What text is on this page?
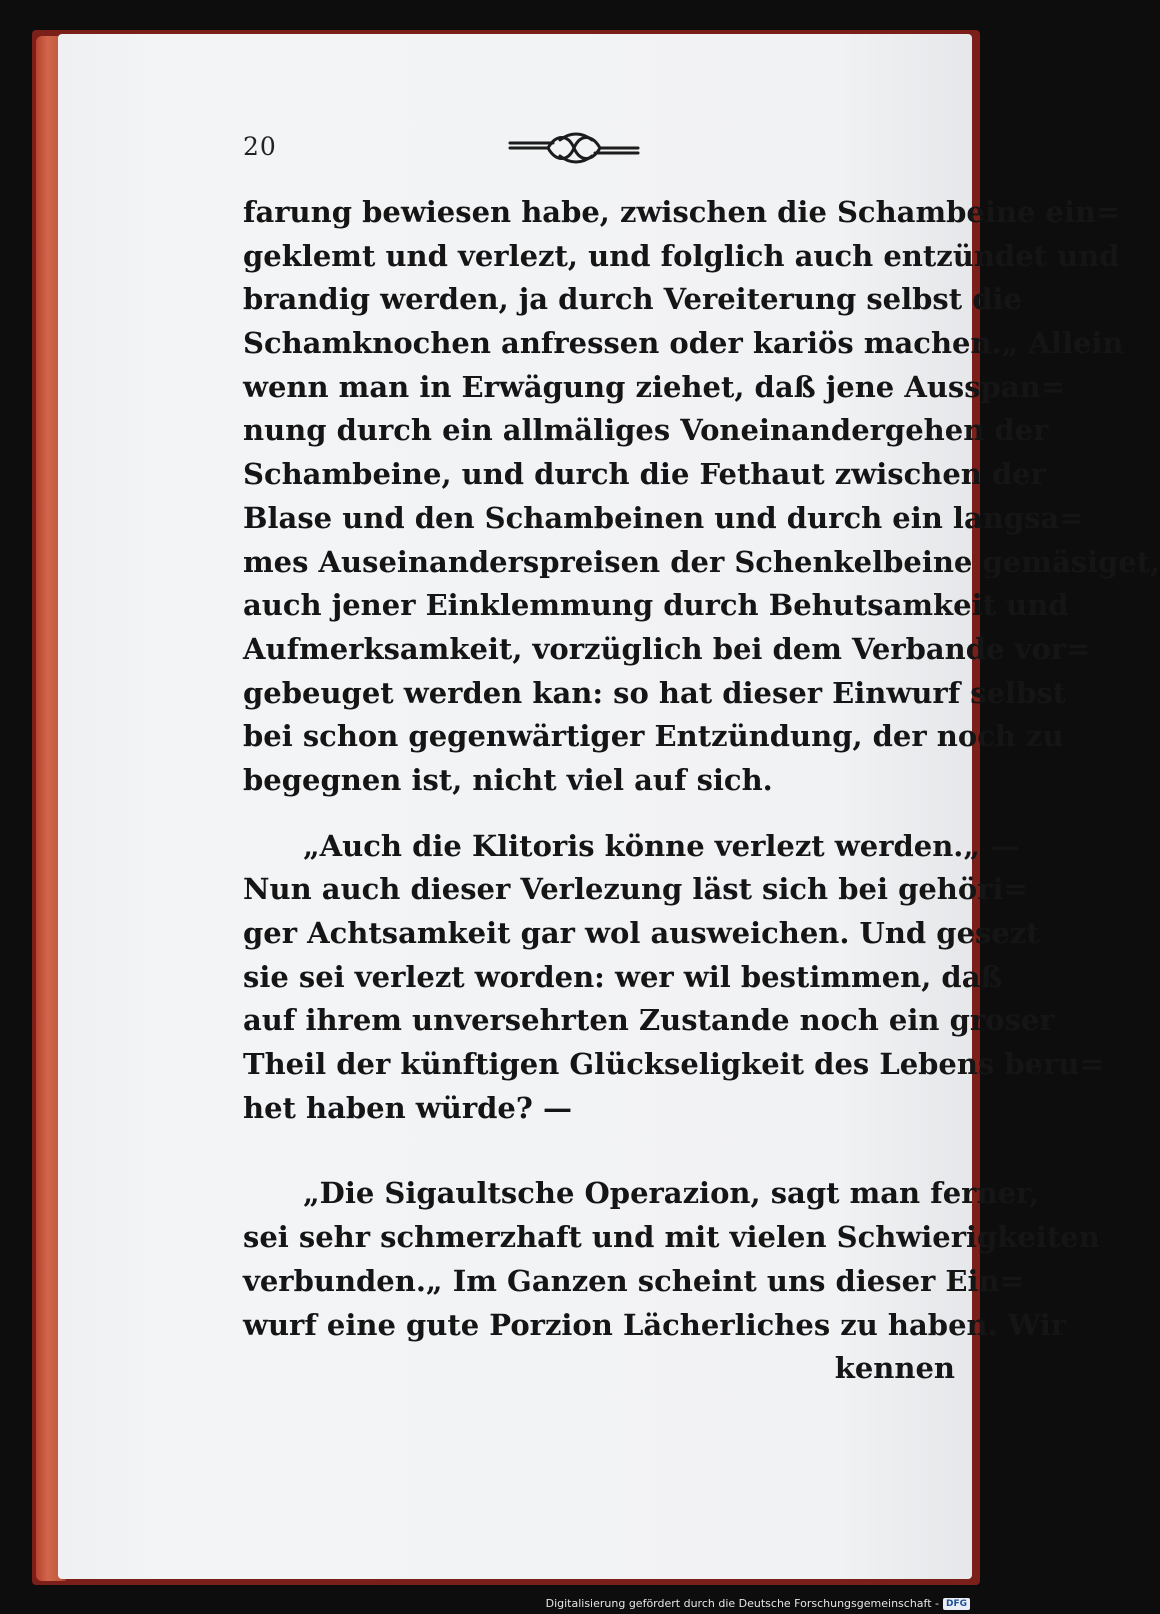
20
farung bewiesen habe, zwischen die Schambeine ein=
geklemt und verlezt, und folglich auch entzündet und
brandig werden, ja durch Vereiterung selbst die
Schamknochen anfressen oder kariös machen.„ Allein
wenn man in Erwägung ziehet, daß jene Ausspan=
nung durch ein allmäliges Voneinandergehen der
Schambeine, und durch die Fethaut zwischen der
Blase und den Schambeinen und durch ein langsa=
mes Auseinanderspreisen der Schenkelbeine gemäsiget,
auch jener Einklemmung durch Behutsamkeit und
Aufmerksamkeit, vorzüglich bei dem Verbande vor=
gebeuget werden kan: so hat dieser Einwurf selbst
bei schon gegenwärtiger Entzündung, der noch zu
begegnen ist, nicht viel auf sich.
„Auch die Klitoris könne verlezt werden.„ —
Nun auch dieser Verlezung läst sich bei gehöri=
ger Achtsamkeit gar wol ausweichen. Und gesezt
sie sei verlezt worden: wer wil bestimmen, daß
auf ihrem unversehrten Zustande noch ein groser
Theil der künftigen Glückseligkeit des Lebens beru=
het haben würde? —
„Die Sigaultsche Operazion, sagt man ferner,
sei sehr schmerzhaft und mit vielen Schwierigkeiten
verbunden.„ Im Ganzen scheint uns dieser Ein=
wurf eine gute Porzion Lächerliches zu haben. Wir
kennen
Digitalisierung gefördert durch die Deutsche Forschungsgemeinschaft - DFG
